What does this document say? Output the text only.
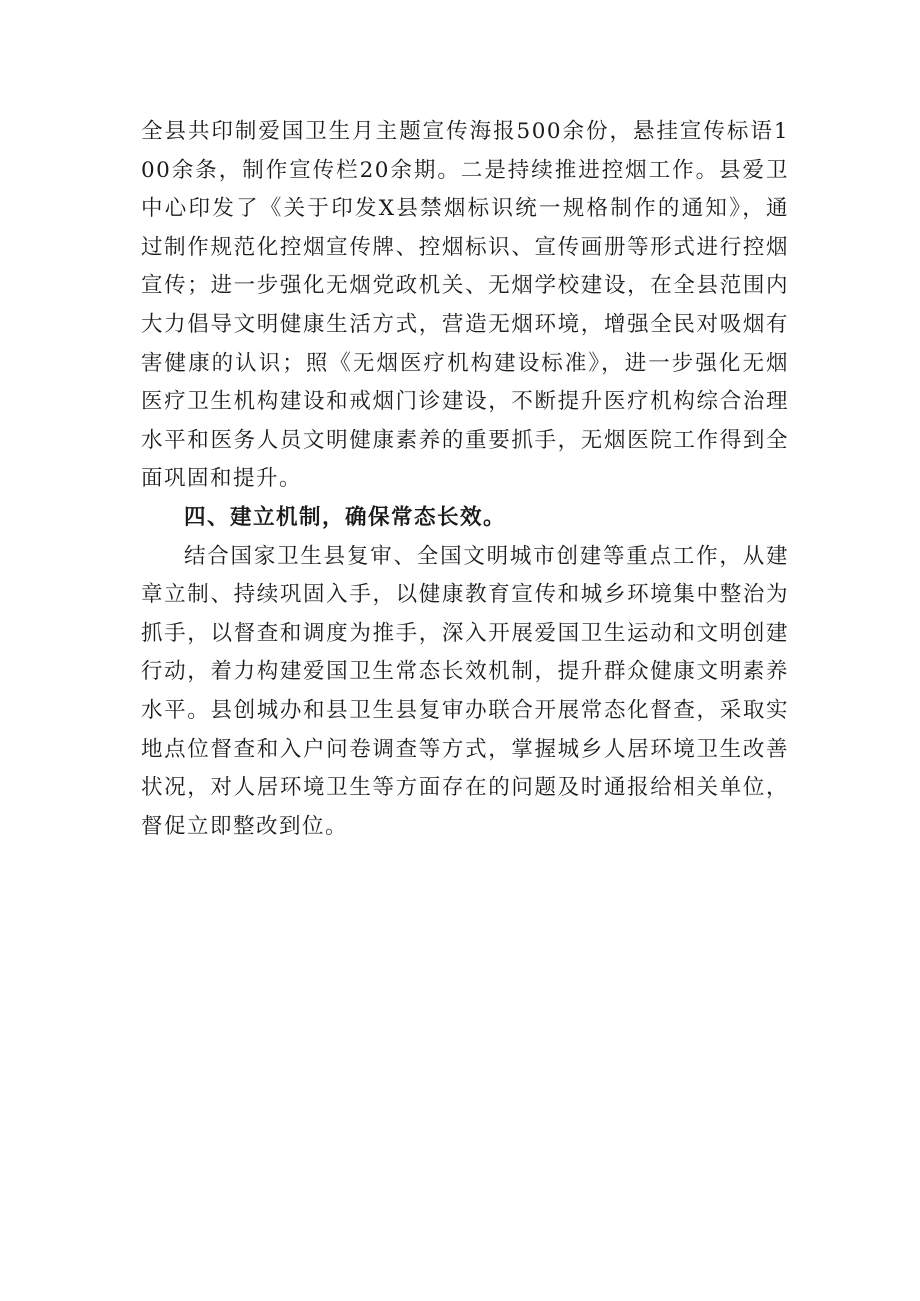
全县共印制爱国卫生月主题宣传海报500余份，悬挂宣传标语100余条，制作宣传栏20余期。二是持续推进控烟工作。县爱卫中心印发了《关于印发X县禁烟标识统一规格制作的通知》，通过制作规范化控烟宣传牌、控烟标识、宣传画册等形式进行控烟宣传；进一步强化无烟党政机关、无烟学校建设，在全县范围内大力倡导文明健康生活方式，营造无烟环境，增强全民对吸烟有害健康的认识；照《无烟医疗机构建设标准》，进一步强化无烟医疗卫生机构建设和戒烟门诊建设，不断提升医疗机构综合治理水平和医务人员文明健康素养的重要抓手，无烟医院工作得到全面巩固和提升。

四、建立机制，确保常态长效。

结合国家卫生县复审、全国文明城市创建等重点工作，从建章立制、持续巩固入手，以健康教育宣传和城乡环境集中整治为抓手，以督查和调度为推手，深入开展爱国卫生运动和文明创建行动，着力构建爱国卫生常态长效机制，提升群众健康文明素养水平。县创城办和县卫生县复审办联合开展常态化督查，采取实地点位督查和入户问卷调查等方式，掌握城乡人居环境卫生改善状况，对人居环境卫生等方面存在的问题及时通报给相关单位，督促立即整改到位。
